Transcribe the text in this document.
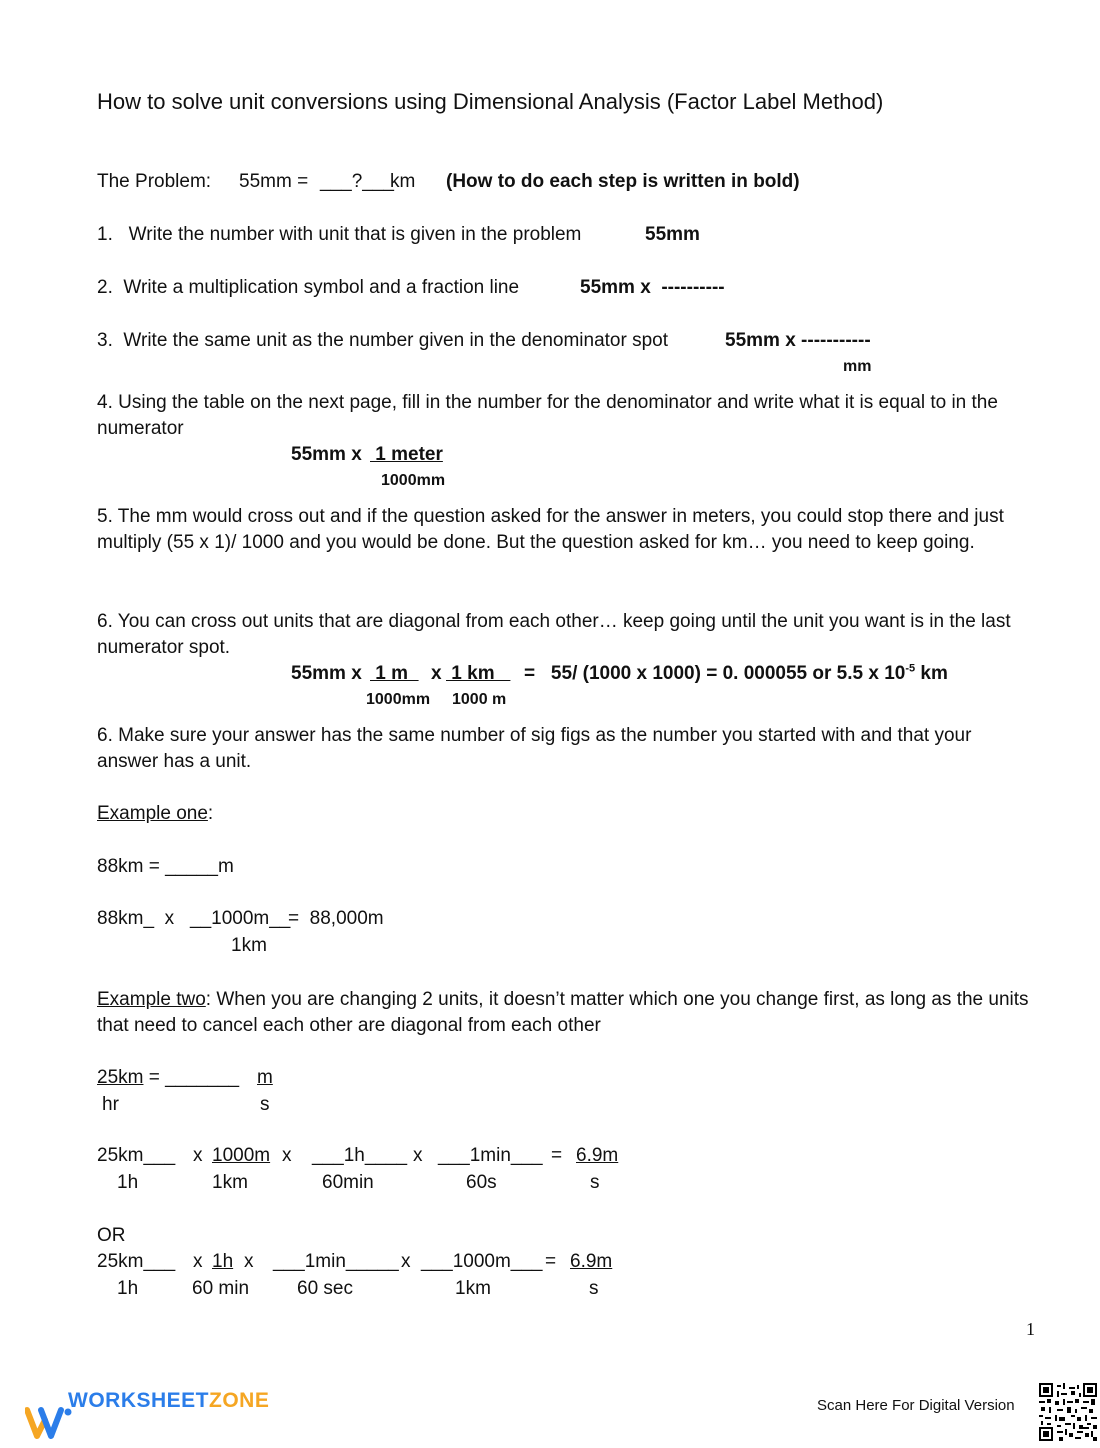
How to solve unit conversions using Dimensional Analysis (Factor Label Method)
The Problem: 55mm = ___?___
km (How to do each step is written in bold)
1.   Write the number with unit that is given in the problem	55mm
2.  Write a multiplication symbol and a fraction line	55mm x  ----------
3.  Write the same unit as the number given in the denominator spot	55mm x -----------
mm
4. Using the table on the next page, fill in the number for the denominator and write what it is equal to in the numerator
55mm x 1 meter
1000mm
5. The mm would cross out and if the question asked for the answer in meters, you could stop there and just multiply (55 x 1)/ 1000 and you would be done. But the question asked for km… you need to keep going.
6. You can cross out units that are diagonal from each other… keep going until the unit you want is in the last numerator spot.
55mm x 1 m x 1 km =   55/ (1000 x 1000) = 0. 000055 or 5.5 x $10^{-5}$ km
1000mm 1000 m
6. Make sure your answer has the same number of sig figs as the number you started with and that your answer has a unit.
Example one:
88km = _____m
88km_  x __1000m__
=  88,000m
1km
Example two: When you are changing 2 units, it doesn’t matter which one you change first, as long as the units that need to cancel each other are diagonal from each other
25km = _______ m
hr	s
25km___
1h
x 1000m x
1km
___1h____
60min
x ___1min___
60s
= 6.9m
s
OR
25km___
1h
x 1h x
60 min
___1min_____
60 sec
x ___1000m___
1km
= 6.9m
s
1

WORKSHEETZONE	Scan Here For Digital Version
